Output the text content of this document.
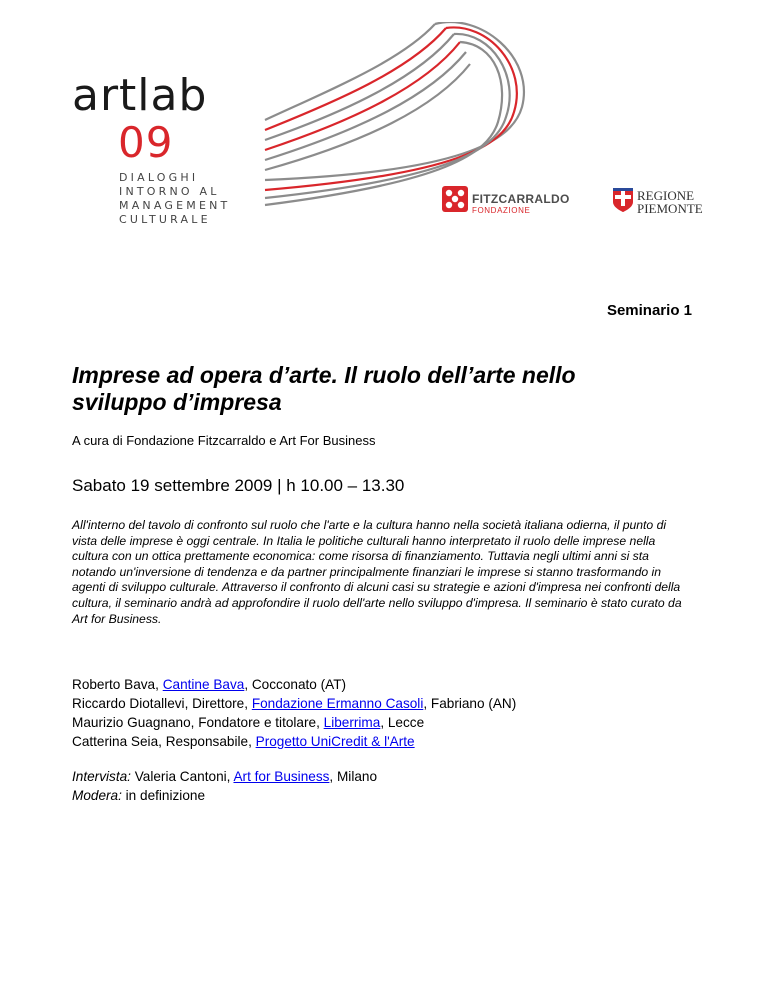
artlab
09
DIALOGHI
INTORNO AL
MANAGEMENT
CULTURALE
FITZCARRALDO
FONDAZIONE
REGIONE
PIEMONTE
Seminario 1
Imprese ad opera d’arte. Il ruolo dell’arte nello sviluppo d’impresa
A cura di Fondazione Fitzcarraldo e Art For Business
Sabato 19 settembre 2009 | h 10.00 – 13.30
All'interno del tavolo di confronto sul ruolo che l'arte e la cultura hanno nella società italiana odierna, il punto di vista delle imprese è oggi centrale. In Italia le politiche culturali hanno interpretato il ruolo delle imprese nella cultura con un ottica prettamente economica: come risorsa di finanziamento. Tuttavia negli ultimi anni si sta notando un'inversione di tendenza e da partner principalmente finanziari le imprese si stanno trasformando in agenti di sviluppo culturale. Attraverso il confronto di alcuni casi su strategie e azioni d'impresa nei confronti della cultura, il seminario andrà ad approfondire il ruolo dell'arte nello sviluppo d'impresa. Il seminario è stato curato da Art for Business.
Roberto Bava, Cantine Bava, Cocconato (AT)
Riccardo Diotallevi, Direttore, Fondazione Ermanno Casoli, Fabriano (AN)
Maurizio Guagnano, Fondatore e titolare, Liberrima, Lecce
Catterina Seia, Responsabile, Progetto UniCredit & l'Arte
Intervista: Valeria Cantoni, Art for Business, Milano
Modera: in definizione
